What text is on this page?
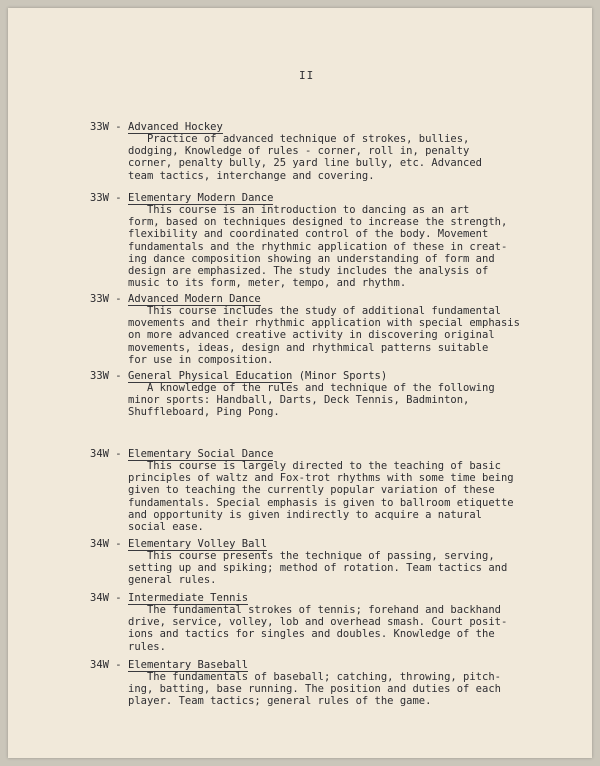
II
33W - Advanced Hockey
Practice of advanced technique of strokes, bullies,
dodging, Knowledge of rules - corner, roll in, penalty
corner, penalty bully, 25 yard line bully, etc. Advanced
team tactics, interchange and covering.
33W - Elementary Modern Dance
This course is an introduction to dancing as an art
form, based on techniques designed to increase the strength,
flexibility and coordinated control of the body. Movement
fundamentals and the rhythmic application of these in creat-
ing dance composition showing an understanding of form and
design are emphasized. The study includes the analysis of
music to its form, meter, tempo, and rhythm.
33W - Advanced Modern Dance
This course includes the study of additional fundamental
movements and their rhythmic application with special emphasis
on more advanced creative activity in discovering original
movements, ideas, design and rhythmical patterns suitable
for use in composition.
33W - General Physical Education (Minor Sports)
A knowledge of the rules and technique of the following
minor sports: Handball, Darts, Deck Tennis, Badminton,
Shuffleboard, Ping Pong.
34W - Elementary Social Dance
This course is largely directed to the teaching of basic
principles of waltz and Fox-trot rhythms with some time being
given to teaching the currently popular variation of these
fundamentals. Special emphasis is given to ballroom etiquette
and opportunity is given indirectly to acquire a natural
social ease.
34W - Elementary Volley Ball
This course presents the technique of passing, serving,
setting up and spiking; method of rotation. Team tactics and
general rules.
34W - Intermediate Tennis
The fundamental strokes of tennis; forehand and backhand
drive, service, volley, lob and overhead smash. Court posit-
ions and tactics for singles and doubles. Knowledge of the
rules.
34W - Elementary Baseball
The fundamentals of baseball; catching, throwing, pitch-
ing, batting, base running. The position and duties of each
player. Team tactics; general rules of the game.
